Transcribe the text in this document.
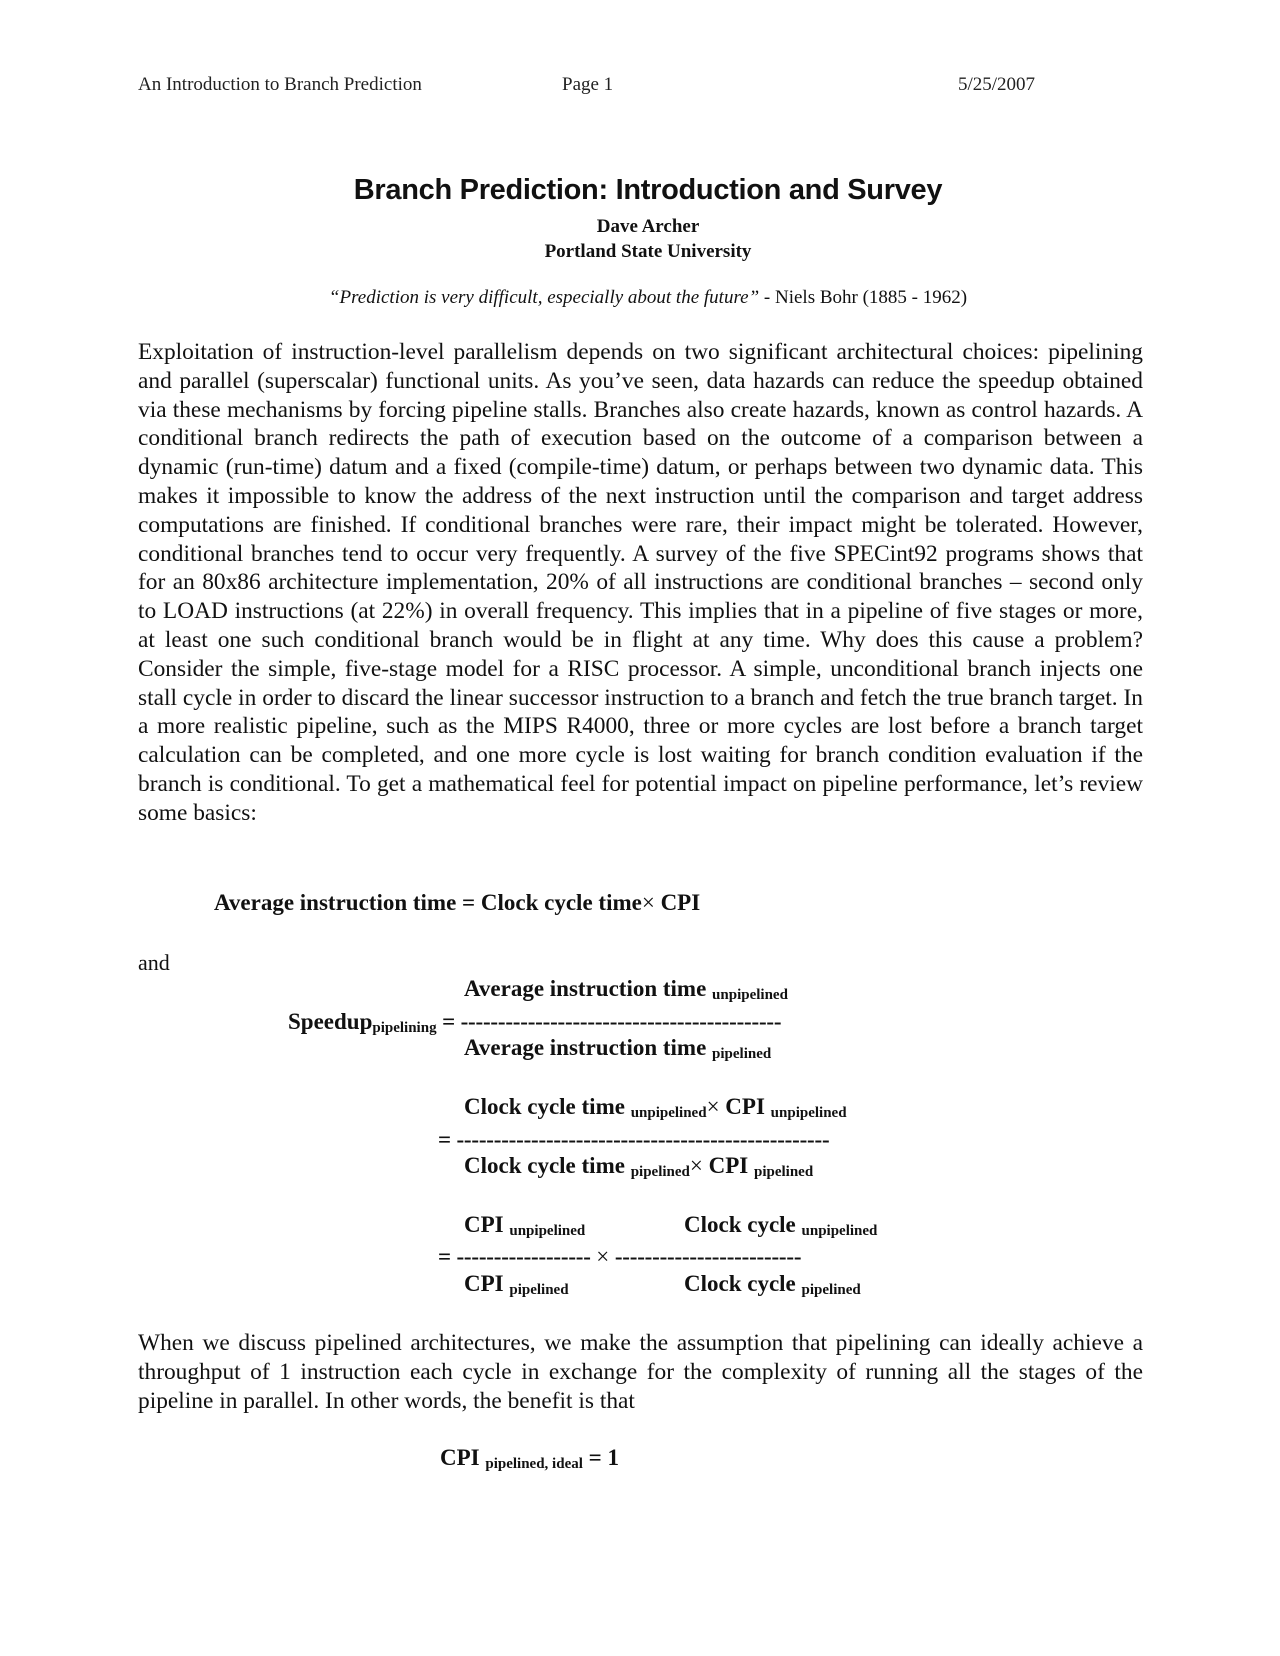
An Introduction to Branch Prediction	Page 1	5/25/2007
Branch Prediction: Introduction and Survey
Dave Archer
Portland State University
“Prediction is very difficult, especially about the future” - Niels Bohr (1885 - 1962)

Exploitation of instruction-level parallelism depends on two significant architectural choices: pipelining and parallel (superscalar) functional units. As you’ve seen, data hazards can reduce the speedup obtained via these mechanisms by forcing pipeline stalls. Branches also create hazards, known as control hazards. A conditional branch redirects the path of execution based on the outcome of a comparison between a dynamic (run-time) datum and a fixed (compile-time) datum, or perhaps between two dynamic data. This makes it impossible to know the address of the next instruction until the comparison and target address computations are finished. If conditional branches were rare, their impact might be tolerated. However, conditional branches tend to occur very frequently. A survey of the five SPECint92 programs shows that for an 80x86 architecture implementation, 20% of all instructions are conditional branches – second only to LOAD instructions (at 22%) in overall frequency. This implies that in a pipeline of five stages or more, at least one such conditional branch would be in flight at any time. Why does this cause a problem? Consider the simple, five-stage model for a RISC processor. A simple, unconditional branch injects one stall cycle in order to discard the linear successor instruction to a branch and fetch the true branch target. In a more realistic pipeline, such as the MIPS R4000, three or more cycles are lost before a branch target calculation can be completed, and one more cycle is lost waiting for branch condition evaluation if the branch is conditional. To get a mathematical feel for potential impact on pipeline performance, let’s review some basics:

Average instruction time = Clock cycle time× CPI
and
Average instruction time $_{unpipelined}$
Speedup$_{pipelining}$ = -------------------------------------------
Average instruction time $_{pipelined}$
Clock cycle time $_{unpipelined}$× CPI $_{unpipelined}$
= --------------------------------------------------
Clock cycle time $_{pipelined}$× CPI $_{pipelined}$
CPI $_{unpipelined}$	Clock cycle $_{unpipelined}$
= ------------------ × -------------------------
CPI $_{pipelined}$	Clock cycle $_{pipelined}$

When we discuss pipelined architectures, we make the assumption that pipelining can ideally achieve a throughput of 1 instruction each cycle in exchange for the complexity of running all the stages of the pipeline in parallel. In other words, the benefit is that

CPI $_{pipelined, ideal}$ = 1
